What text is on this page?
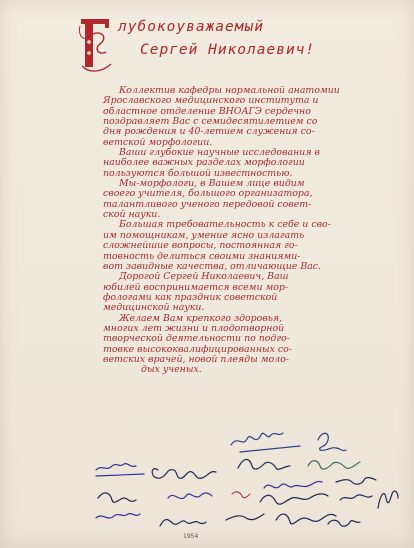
лубокоуважаемый
Сергей Николаевич!
Коллектив кафедры нормальной анатомии
Ярославского медицинского института и
областное отделение ВНОАГЭ сердечно
поздравляет Вас с семидесятилетием со
дня рождения и 40-летием служения со-
ветской морфологии.
Ваши глубокие научные исследования в
наиболее важных разделах морфологии
пользуются большой известностью.
Мы-морфологи, в Вашем лице видим
своего учителя, большого организатора,
талантливого ученого передовой совет-
ской науки.
Большая требовательность к себе и сво-
им помощникам, умение ясно излагать
сложнейшие вопросы, постоянная го-
товность делиться своими знаниями-
вот завидные качества, отличающие Вас.
Дорогой Сергей Николаевич, Ваш
юбилей воспринимается всеми мор-
фологами как праздник советской
медицинской науки.
Желаем Вам крепкого здоровья,
многих лет жизни и плодотворной
творческой деятельности по подго-
товке высококвалифицированных со-
ветских врачей, новой плеяды моло-
дых ученых.
1954
